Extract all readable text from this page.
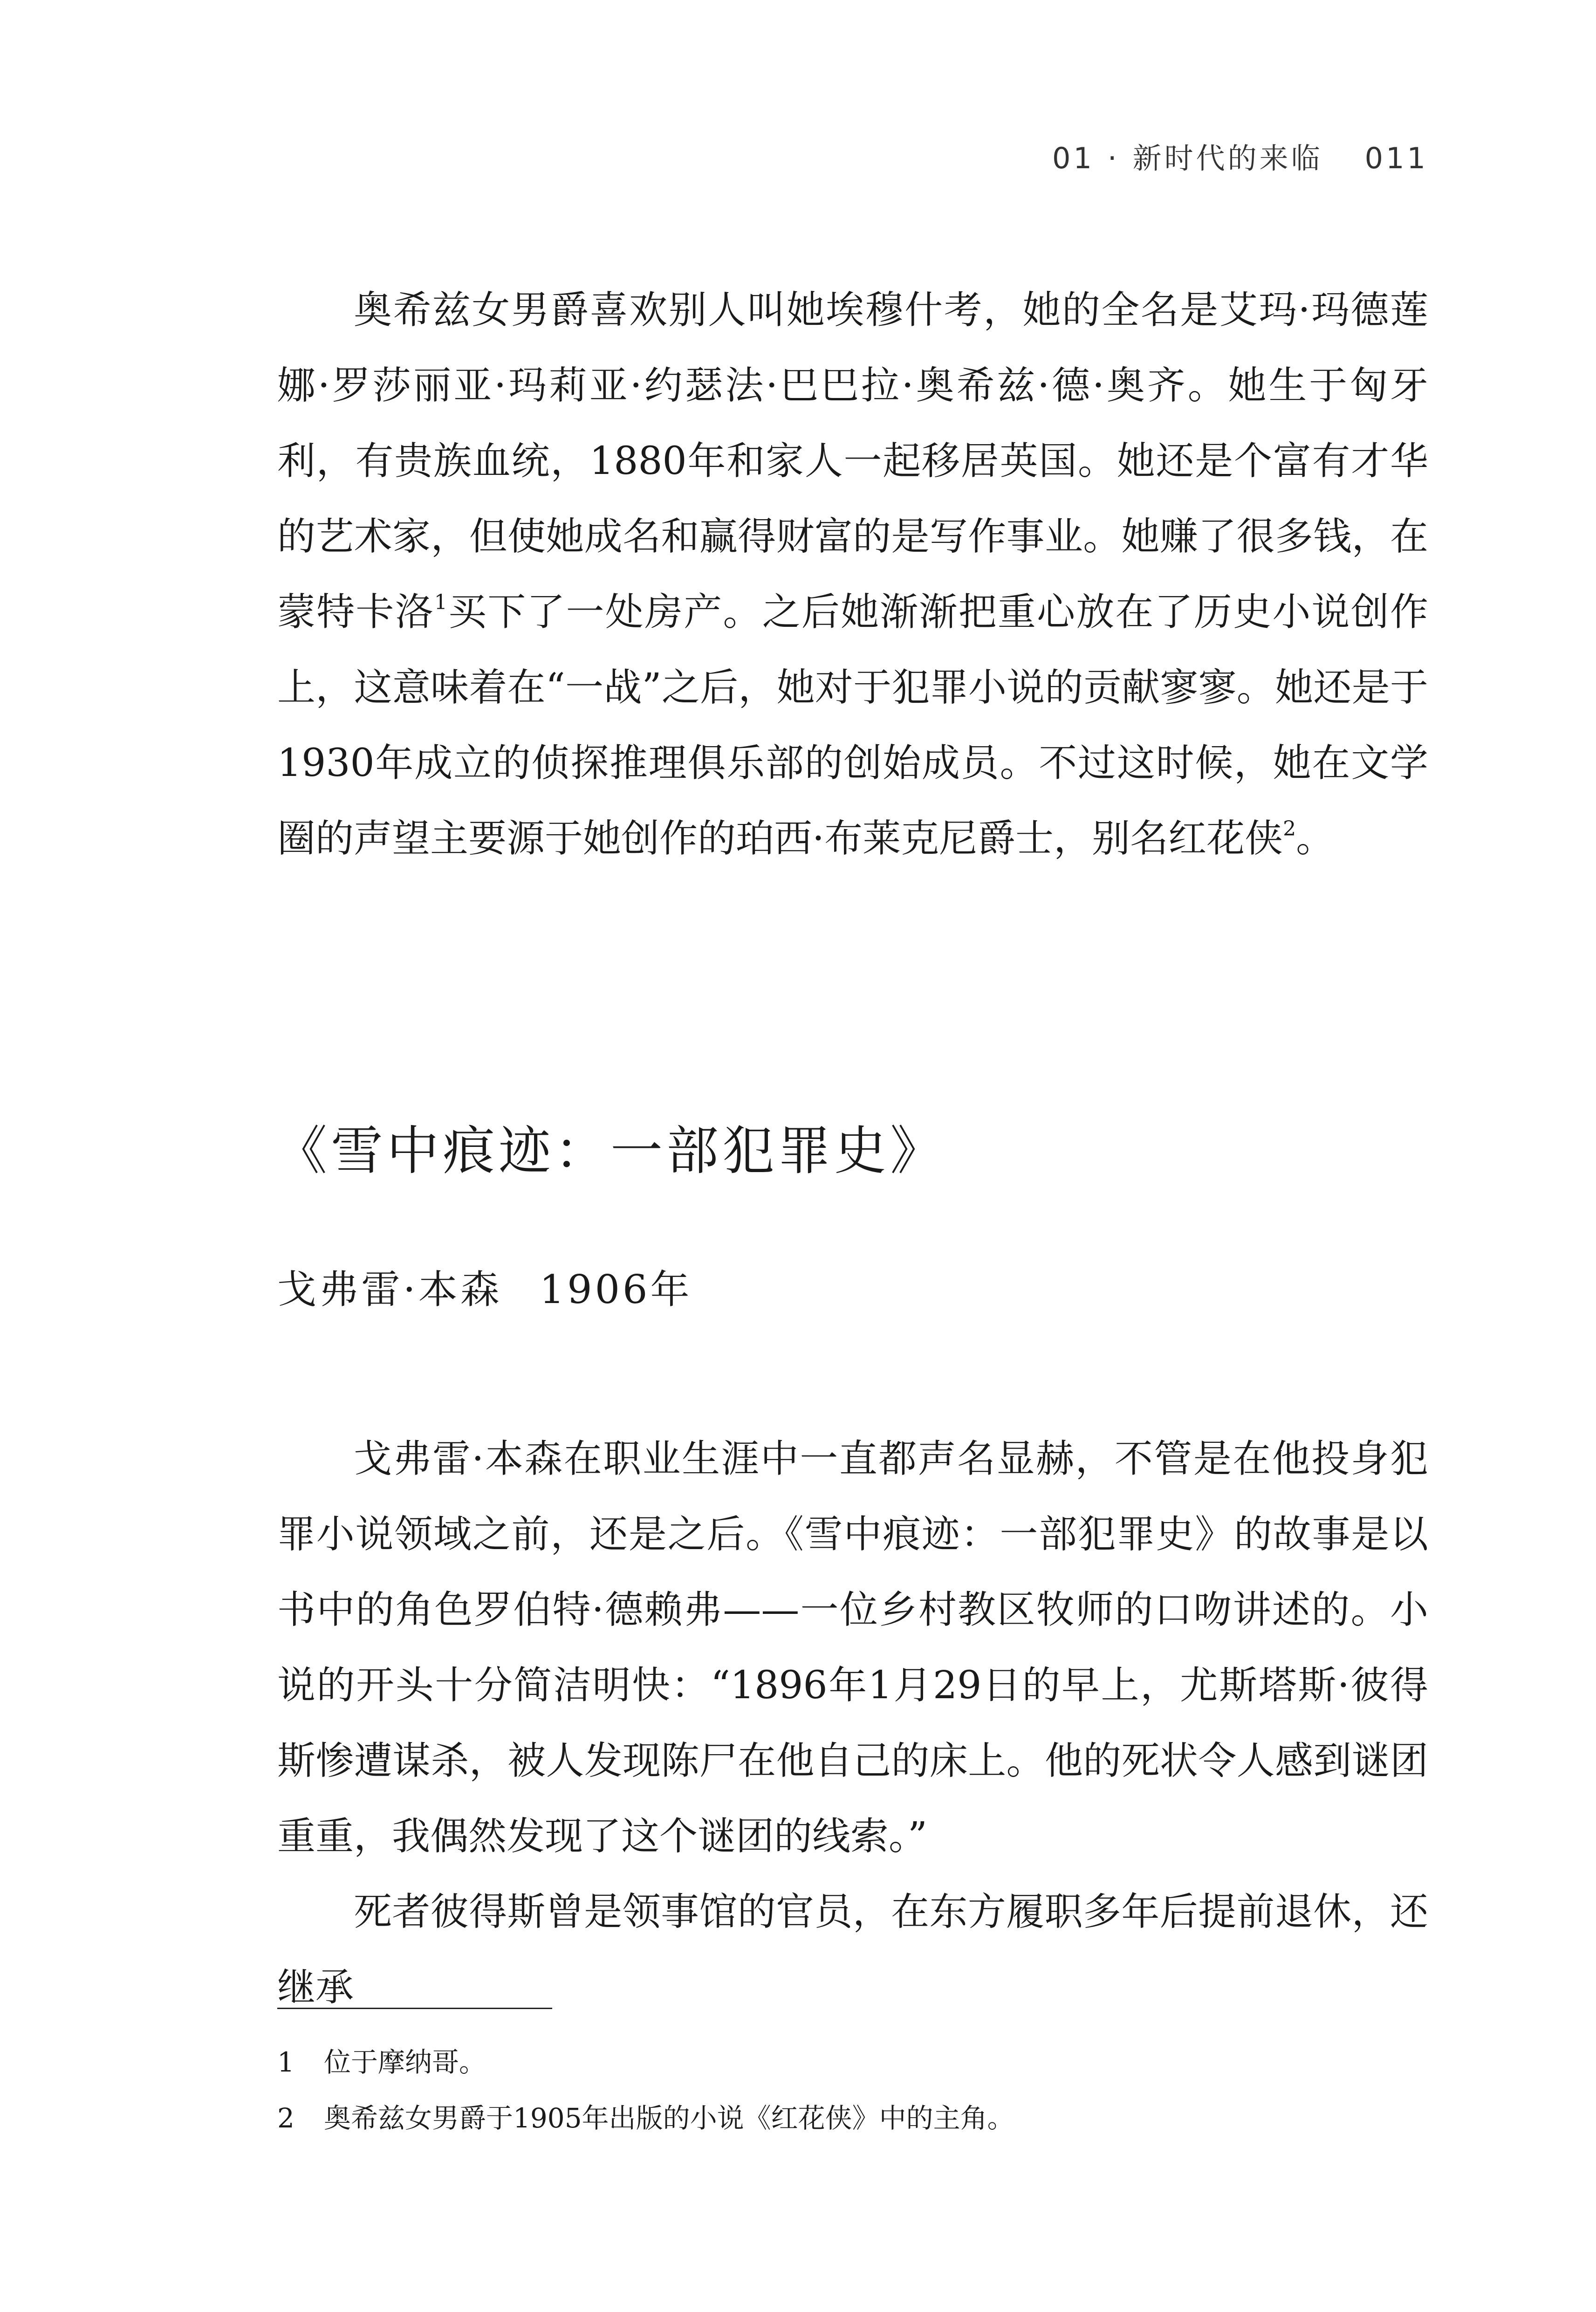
01 · 新时代的来临 011

奥希兹女男爵喜欢别人叫她埃穆什考，她的全名是艾玛·玛德莲娜·罗莎丽亚·玛莉亚·约瑟法·巴巴拉·奥希兹·德·奥齐。她生于匈牙利，有贵族血统，1880年和家人一起移居英国。她还是个富有才华的艺术家，但使她成名和赢得财富的是写作事业。她赚了很多钱，在蒙特卡洛$^1$买下了一处房产。之后她渐渐把重心放在了历史小说创作上，这意味着在“一战”之后，她对于犯罪小说的贡献寥寥。她还是于1930年成立的侦探推理俱乐部的创始成员。不过这时候，她在文学圈的声望主要源于她创作的珀西·布莱克尼爵士，别名红花侠$^2$。

《雪中痕迹：一部犯罪史》
戈弗雷·本森 1906年

戈弗雷·本森在职业生涯中一直都声名显赫，不管是在他投身犯罪小说领域之前，还是之后。《雪中痕迹：一部犯罪史》的故事是以书中的角色罗伯特·德赖弗——一位乡村教区牧师的口吻讲述的。小说的开头十分简洁明快：“1896年1月29日的早上，尤斯塔斯·彼得斯惨遭谋杀，被人发现陈尸在他自己的床上。他的死状令人感到谜团重重，我偶然发现了这个谜团的线索。”

死者彼得斯曾是领事馆的官员，在东方履职多年后提前退休，还继承

1 位于摩纳哥。
2 奥希兹女男爵于1905年出版的小说《红花侠》中的主角。
